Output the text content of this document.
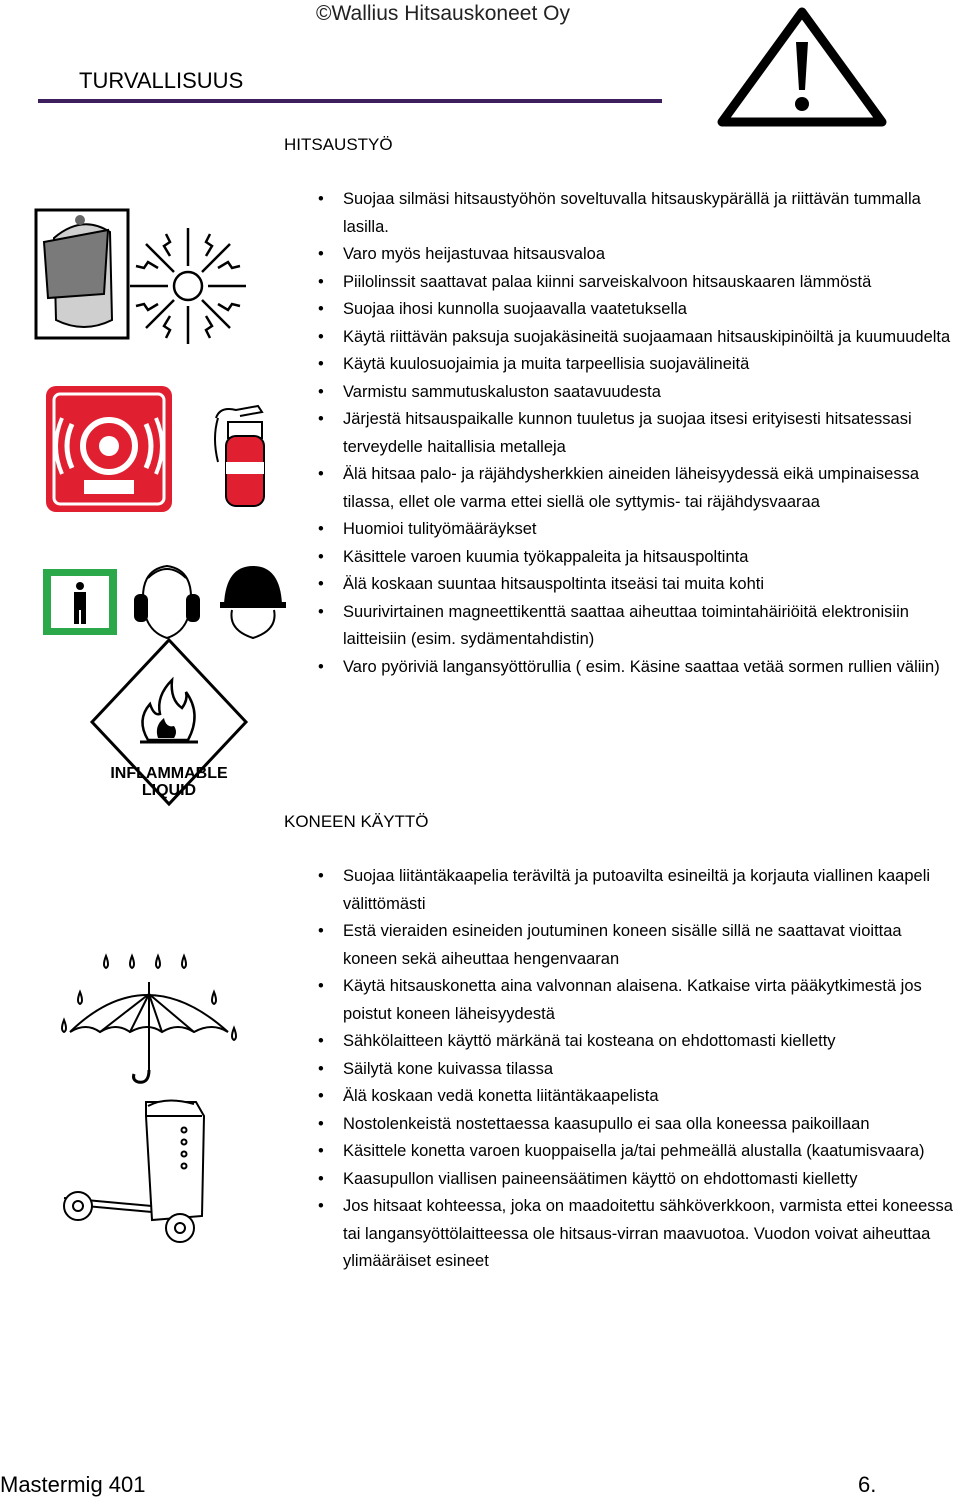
©Wallius Hitsauskoneet Oy
TURVALLISUUS
HITSAUSTYÖ
INFLAMMABLE
LIQUID
• Suojaa silmäsi hitsaustyöhön soveltuvalla hitsauskypärällä ja riittävän tummalla lasilla.
• Varo myös heijastuvaa hitsausvaloa
• Piilolinssit saattavat palaa kiinni sarveiskalvoon hitsauskaaren lämmöstä
• Suojaa ihosi kunnolla suojaavalla vaatetuksella
• Käytä riittävän paksuja suojakäsineitä suojaamaan hitsauskipinöiltä ja kuumuudelta
• Käytä kuulosuojaimia ja muita tarpeellisia suojavälineitä
• Varmistu sammutuskaluston saatavuudesta
• Järjestä hitsauspaikalle kunnon tuuletus ja suojaa itsesi erityisesti hitsatessasi terveydelle haitallisia metalleja
• Älä hitsaa palo- ja räjähdysherkkien aineiden läheisyydessä eikä umpinaisessa tilassa, ellet ole varma ettei siellä ole syttymis- tai räjähdysvaaraa
• Huomioi tulityömääräykset
• Käsittele varoen kuumia työkappaleita ja hitsauspoltinta
• Älä koskaan suuntaa hitsauspoltinta itseäsi tai muita kohti
• Suurivirtainen magneettikenttä saattaa aiheuttaa toimintahäiriöitä elektronisiin laitteisiin (esim. sydämentahdistin)
• Varo pyöriviä langansyöttörullia ( esim. Käsine saattaa vetää sormen rullien väliin)
KONEEN KÄYTTÖ
• Suojaa liitäntäkaapelia teräviltä ja putoavilta esineiltä ja korjauta viallinen kaapeli välittömästi
• Estä vieraiden esineiden joutuminen koneen sisälle sillä ne saattavat vioittaa koneen sekä aiheuttaa hengenvaaran
• Käytä hitsauskonetta aina valvonnan alaisena. Katkaise virta pääkytkimestä jos poistut koneen läheisyydestä
• Sähkölaitteen käyttö märkänä tai kosteana on ehdottomasti kielletty
• Säilytä kone kuivassa tilassa
• Älä koskaan vedä konetta liitäntäkaapelista
• Nostolenkeistä nostettaessa kaasupullo ei saa olla koneessa paikoillaan
• Käsittele konetta varoen kuoppaisella ja/tai pehmeällä alustalla (kaatumisvaara)
• Kaasupullon viallisen paineensäätimen käyttö on ehdottomasti kielletty
• Jos hitsaat kohteessa, joka on maadoitettu sähköverkkoon, varmista ettei koneessa tai langansyöttölaitteessa ole hitsaus-virran maavuotoa. Vuodon voivat aiheuttaa ylimääräiset esineet
Mastermig 401	6.
